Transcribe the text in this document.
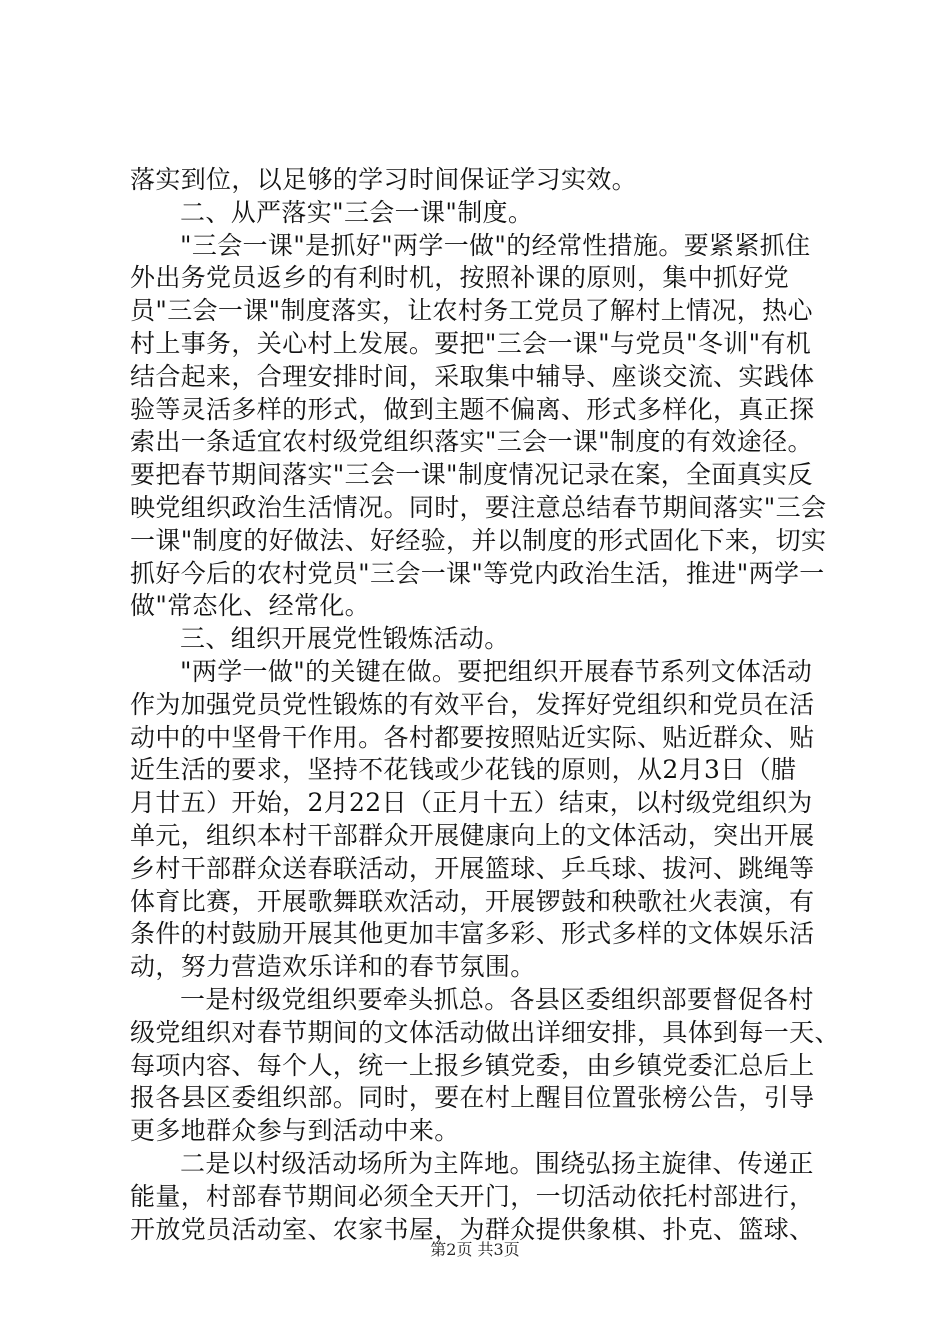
落实到位，以足够的学习时间保证学习实效。
二、从严落实"三会一课"制度。
"三会一课"是抓好"两学一做"的经常性措施。要紧紧抓住
外出务党员返乡的有利时机，按照补课的原则，集中抓好党
员"三会一课"制度落实，让农村务工党员了解村上情况，热心
村上事务，关心村上发展。要把"三会一课"与党员"冬训"有机
结合起来，合理安排时间，采取集中辅导、座谈交流、实践体
验等灵活多样的形式，做到主题不偏离、形式多样化，真正探
索出一条适宜农村级党组织落实"三会一课"制度的有效途径。
要把春节期间落实"三会一课"制度情况记录在案，全面真实反
映党组织政治生活情况。同时，要注意总结春节期间落实"三会
一课"制度的好做法、好经验，并以制度的形式固化下来，切实
抓好今后的农村党员"三会一课"等党内政治生活，推进"两学一
做"常态化、经常化。
三、组织开展党性锻炼活动。
"两学一做"的关键在做。要把组织开展春节系列文体活动
作为加强党员党性锻炼的有效平台，发挥好党组织和党员在活
动中的中坚骨干作用。各村都要按照贴近实际、贴近群众、贴
近生活的要求，坚持不花钱或少花钱的原则，从2月3日（腊
月廿五）开始，2月22日（正月十五）结束，以村级党组织为
单元，组织本村干部群众开展健康向上的文体活动，突出开展
乡村干部群众送春联活动，开展篮球、乒乓球、拔河、跳绳等
体育比赛，开展歌舞联欢活动，开展锣鼓和秧歌社火表演，有
条件的村鼓励开展其他更加丰富多彩、形式多样的文体娱乐活
动，努力营造欢乐详和的春节氛围。
一是村级党组织要牵头抓总。各县区委组织部要督促各村
级党组织对春节期间的文体活动做出详细安排，具体到每一天、
每项内容、每个人，统一上报乡镇党委，由乡镇党委汇总后上
报各县区委组织部。同时，要在村上醒目位置张榜公告，引导
更多地群众参与到活动中来。
二是以村级活动场所为主阵地。围绕弘扬主旋律、传递正
能量，村部春节期间必须全天开门，一切活动依托村部进行，
开放党员活动室、农家书屋，为群众提供象棋、扑克、篮球、
第2页 共3页
